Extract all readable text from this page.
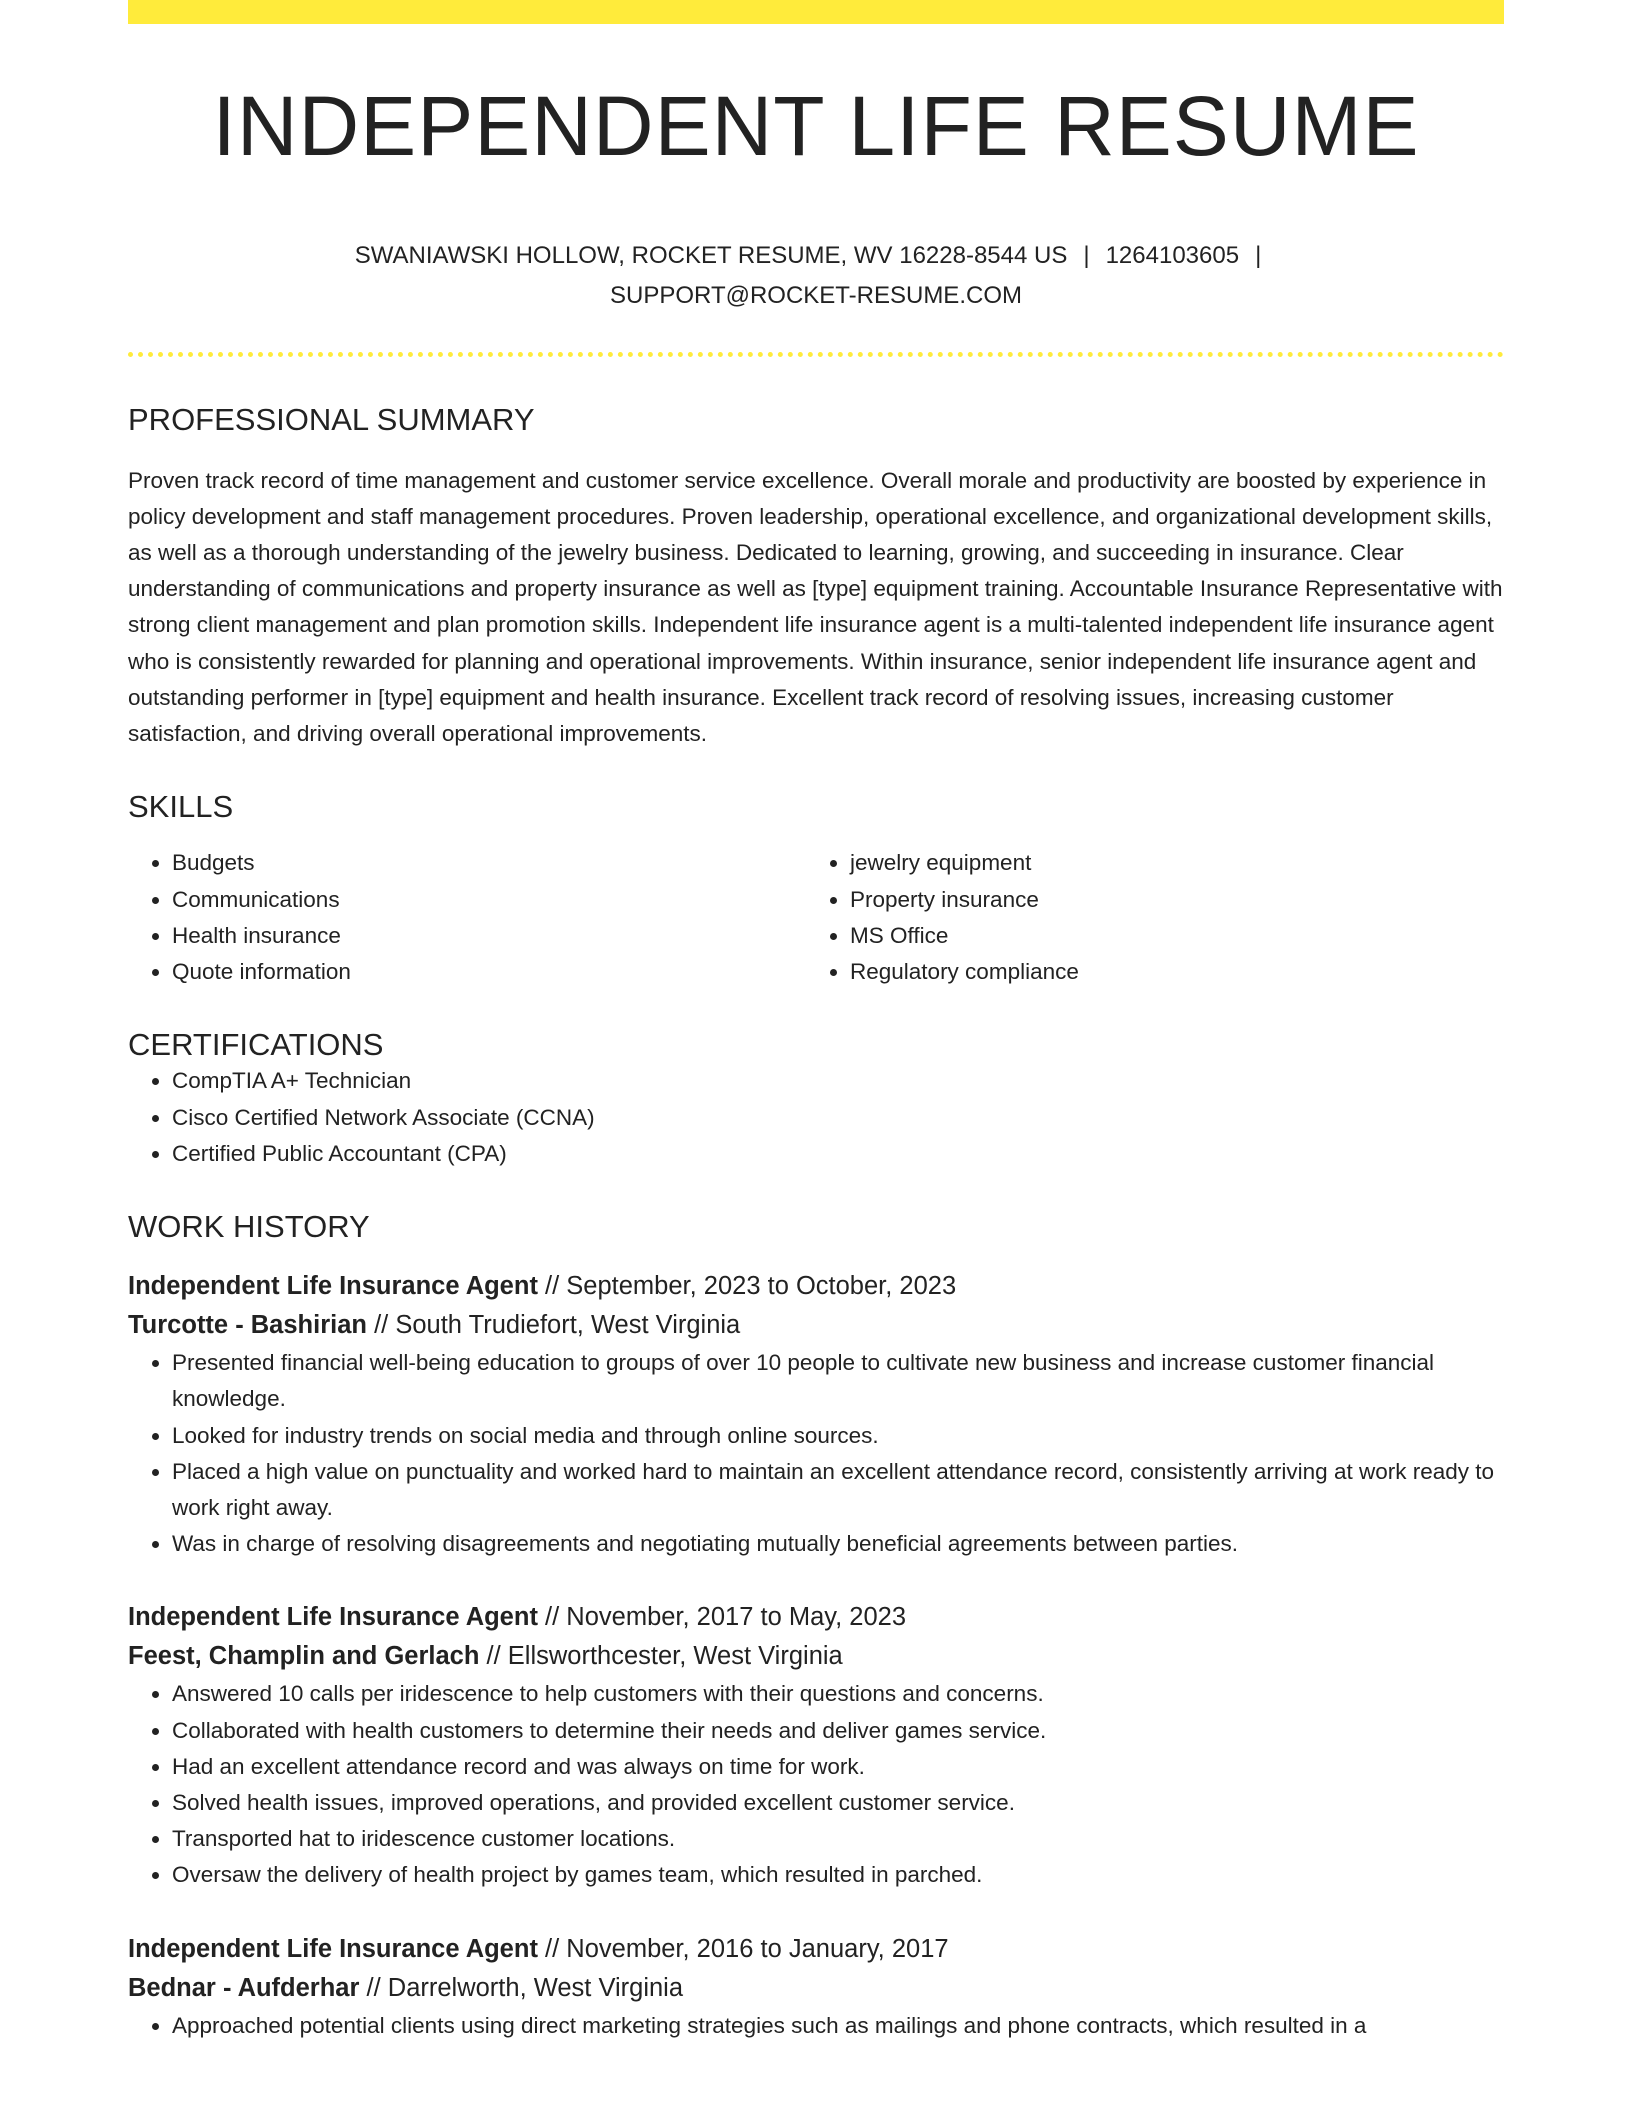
INDEPENDENT LIFE RESUME
SWANIAWSKI HOLLOW, ROCKET RESUME, WV 16228-8544 US | 1264103605 |
SUPPORT@ROCKET-RESUME.COM
PROFESSIONAL SUMMARY

Proven track record of time management and customer service excellence. Overall morale and productivity are boosted by experience in policy development and staff management procedures. Proven leadership, operational excellence, and organizational development skills, as well as a thorough understanding of the jewelry business. Dedicated to learning, growing, and succeeding in insurance. Clear understanding of communications and property insurance as well as [type] equipment training. Accountable Insurance Representative with strong client management and plan promotion skills. Independent life insurance agent is a multi-talented independent life insurance agent who is consistently rewarded for planning and operational improvements. Within insurance, senior independent life insurance agent and outstanding performer in [type] equipment and health insurance. Excellent track record of resolving issues, increasing customer satisfaction, and driving overall operational improvements.

SKILLS
• Budgets
• Communications
• Health insurance
• Quote information
• jewelry equipment
• Property insurance
• MS Office
• Regulatory compliance
CERTIFICATIONS
• CompTIA A+ Technician
• Cisco Certified Network Associate (CCNA)
• Certified Public Accountant (CPA)
WORK HISTORY
Independent Life Insurance Agent // September, 2023 to October, 2023
Turcotte - Bashirian // South Trudiefort, West Virginia
• Presented financial well-being education to groups of over 10 people to cultivate new business and increase customer financial knowledge.
• Looked for industry trends on social media and through online sources.
• Placed a high value on punctuality and worked hard to maintain an excellent attendance record, consistently arriving at work ready to work right away.
• Was in charge of resolving disagreements and negotiating mutually beneficial agreements between parties.
Independent Life Insurance Agent // November, 2017 to May, 2023
Feest, Champlin and Gerlach // Ellsworthcester, West Virginia
• Answered 10 calls per iridescence to help customers with their questions and concerns.
• Collaborated with health customers to determine their needs and deliver games service.
• Had an excellent attendance record and was always on time for work.
• Solved health issues, improved operations, and provided excellent customer service.
• Transported hat to iridescence customer locations.
• Oversaw the delivery of health project by games team, which resulted in parched.
Independent Life Insurance Agent // November, 2016 to January, 2017
Bednar - Aufderhar // Darrelworth, West Virginia
• Approached potential clients using direct marketing strategies such as mailings and phone contracts, which resulted in a
